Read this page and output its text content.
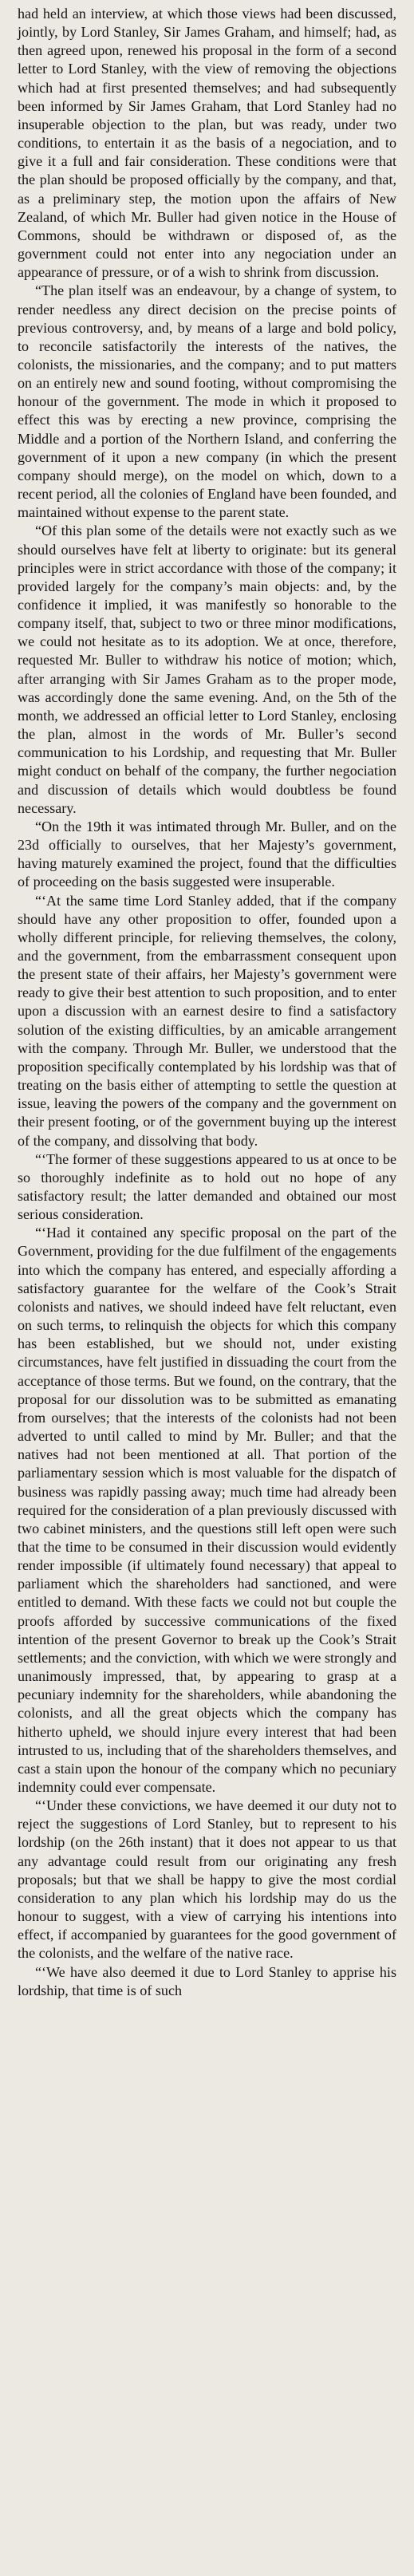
had held an interview, at which those views had been discussed, jointly, by Lord Stanley, Sir James Graham, and himself; had, as then agreed upon, renewed his proposal in the form of a second letter to Lord Stanley, with the view of removing the objections which had at first presented themselves; and had subsequently been informed by Sir James Graham, that Lord Stanley had no insuperable objection to the plan, but was ready, under two conditions, to entertain it as the basis of a negociation, and to give it a full and fair consideration. These conditions were that the plan should be proposed officially by the company, and that, as a preliminary step, the motion upon the affairs of New Zealand, of which Mr. Buller had given notice in the House of Commons, should be withdrawn or disposed of, as the government could not enter into any negociation under an appearance of pressure, or of a wish to shrink from discussion.

“The plan itself was an endeavour, by a change of system, to render needless any direct decision on the precise points of previous controversy, and, by means of a large and bold policy, to reconcile satisfactorily the interests of the natives, the colonists, the missionaries, and the company; and to put matters on an entirely new and sound footing, without compromising the honour of the government. The mode in which it proposed to effect this was by erecting a new province, comprising the Middle and a portion of the Northern Island, and conferring the government of it upon a new company (in which the present company should merge), on the model on which, down to a recent period, all the colonies of England have been founded, and maintained without expense to the parent state.

“Of this plan some of the details were not exactly such as we should ourselves have felt at liberty to originate: but its general principles were in strict accordance with those of the company; it provided largely for the company’s main objects: and, by the confidence it implied, it was manifestly so honorable to the company itself, that, subject to two or three minor modifications, we could not hesitate as to its adoption. We at once, therefore, requested Mr. Buller to withdraw his notice of motion; which, after arranging with Sir James Graham as to the proper mode, was accordingly done the same evening. And, on the 5th of the month, we addressed an official letter to Lord Stanley, enclosing the plan, almost in the words of Mr. Buller’s second communication to his Lordship, and requesting that Mr. Buller might conduct on behalf of the company, the further negociation and discussion of details which would doubtless be found necessary.

“On the 19th it was intimated through Mr. Buller, and on the 23d officially to ourselves, that her Majesty’s government, having maturely examined the project, found that the difficulties of proceeding on the basis suggested were insuperable.

“‘At the same time Lord Stanley added, that if the company should have any other proposition to offer, founded upon a wholly different principle, for relieving themselves, the colony, and the government, from the embarrassment consequent upon the present state of their affairs, her Majesty’s government were ready to give their best attention to such proposition, and to enter upon a discussion with an earnest desire to find a satisfactory solution of the existing difficulties, by an amicable arrangement with the company. Through Mr. Buller, we understood that the proposition specifically contemplated by his lordship was that of treating on the basis either of attempting to settle the question at issue, leaving the powers of the company and the government on their present footing, or of the government buying up the interest of the company, and dissolving that body.

“‘The former of these suggestions appeared to us at once to be so thoroughly indefinite as to hold out no hope of any satisfactory result; the latter demanded and obtained our most serious consideration.

“‘Had it contained any specific proposal on the part of the Government, providing for the due fulfilment of the engagements into which the company has entered, and especially affording a satisfactory guarantee for the welfare of the Cook’s Strait colonists and natives, we should indeed have felt reluctant, even on such terms, to relinquish the objects for which this company has been established, but we should not, under existing circumstances, have felt justified in dissuading the court from the acceptance of those terms. But we found, on the contrary, that the proposal for our dissolution was to be submitted as emanating from ourselves; that the interests of the colonists had not been adverted to until called to mind by Mr. Buller; and that the natives had not been mentioned at all. That portion of the parliamentary session which is most valuable for the dispatch of business was rapidly passing away; much time had already been required for the consideration of a plan previously discussed with two cabinet ministers, and the questions still left open were such that the time to be consumed in their discussion would evidently render impossible (if ultimately found necessary) that appeal to parliament which the shareholders had sanctioned, and were entitled to demand. With these facts we could not but couple the proofs afforded by successive communications of the fixed intention of the present Governor to break up the Cook’s Strait settlements; and the conviction, with which we were strongly and unanimously impressed, that, by appearing to grasp at a pecuniary indemnity for the shareholders, while abandoning the colonists, and all the great objects which the company has hitherto upheld, we should injure every interest that had been intrusted to us, including that of the shareholders themselves, and cast a stain upon the honour of the company which no pecuniary indemnity could ever compensate.

“‘Under these convictions, we have deemed it our duty not to reject the suggestions of Lord Stanley, but to represent to his lordship (on the 26th instant) that it does not appear to us that any advantage could result from our originating any fresh proposals; but that we shall be happy to give the most cordial consideration to any plan which his lordship may do us the honour to suggest, with a view of carrying his intentions into effect, if accompanied by guarantees for the good government of the colonists, and the welfare of the native race.

“‘We have also deemed it due to Lord Stanley to apprise his lordship, that time is of such
